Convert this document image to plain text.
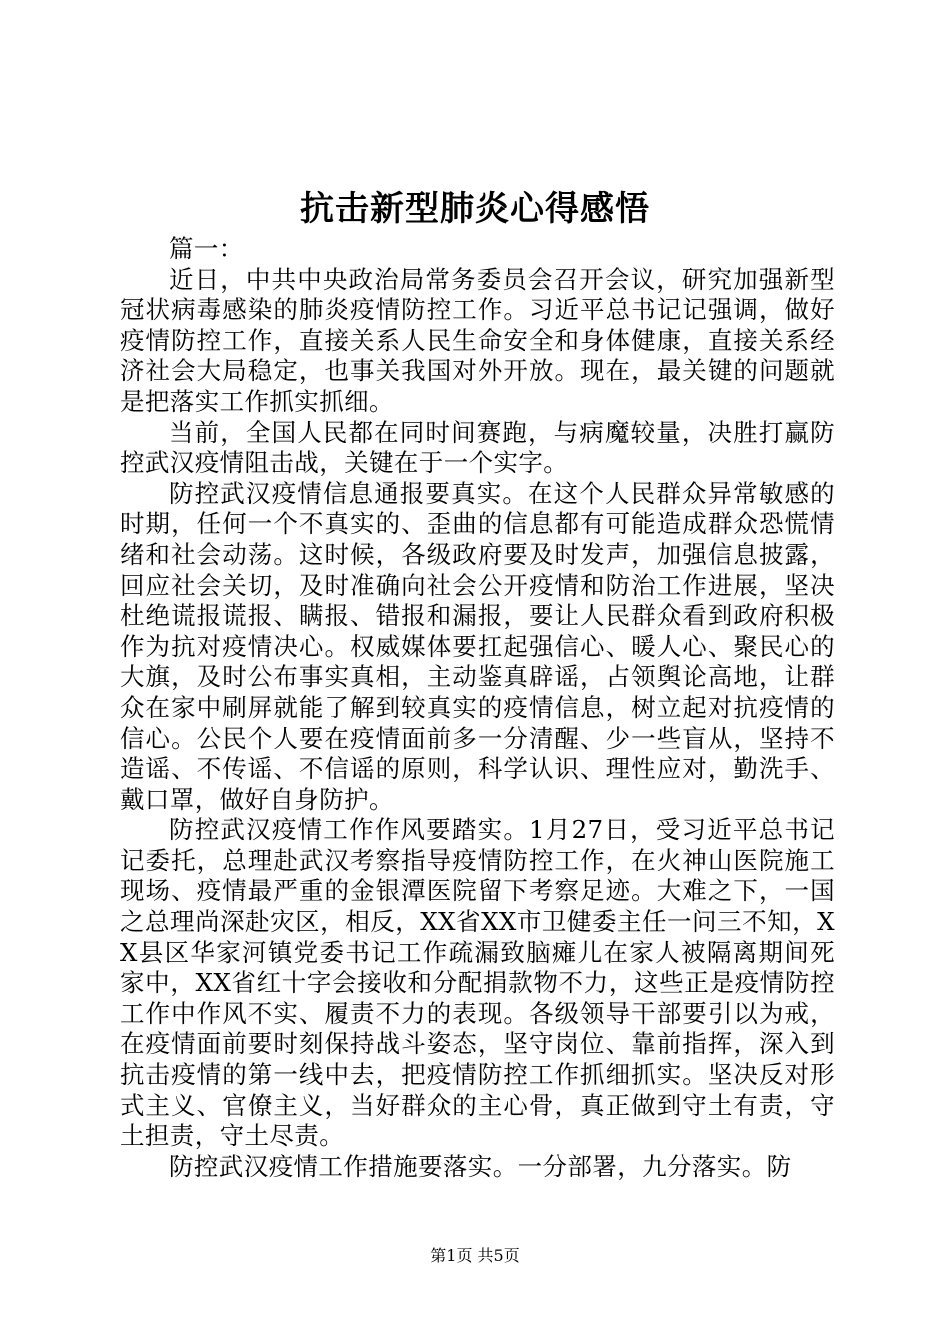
抗击新型肺炎心得感悟

篇一：

近日，中共中央政治局常务委员会召开会议，研究加强新型冠状病毒感染的肺炎疫情防控工作。习近平总书记记强调，做好疫情防控工作，直接关系人民生命安全和身体健康，直接关系经济社会大局稳定，也事关我国对外开放。现在，最关键的问题就是把落实工作抓实抓细。

当前，全国人民都在同时间赛跑，与病魔较量，决胜打赢防控武汉疫情阻击战，关键在于一个实字。

防控武汉疫情信息通报要真实。在这个人民群众异常敏感的时期，任何一个不真实的、歪曲的信息都有可能造成群众恐慌情绪和社会动荡。这时候，各级政府要及时发声，加强信息披露，回应社会关切，及时准确向社会公开疫情和防治工作进展，坚决杜绝谎报谎报、瞒报、错报和漏报，要让人民群众看到政府积极作为抗对疫情决心。权威媒体要扛起强信心、暖人心、聚民心的大旗，及时公布事实真相，主动鉴真辟谣，占领舆论高地，让群众在家中刷屏就能了解到较真实的疫情信息，树立起对抗疫情的信心。公民个人要在疫情面前多一分清醒、少一些盲从，坚持不造谣、不传谣、不信谣的原则，科学认识、理性应对，勤洗手、戴口罩，做好自身防护。

防控武汉疫情工作作风要踏实。1月27日，受习近平总书记记委托，总理赴武汉考察指导疫情防控工作，在火神山医院施工现场、疫情最严重的金银潭医院留下考察足迹。大难之下，一国之总理尚深赴灾区，相反，XX省XX市卫健委主任一问三不知，XX县区华家河镇党委书记工作疏漏致脑瘫儿在家人被隔离期间死家中，XX省红十字会接收和分配捐款物不力，这些正是疫情防控工作中作风不实、履责不力的表现。各级领导干部要引以为戒，在疫情面前要时刻保持战斗姿态，坚守岗位、靠前指挥，深入到抗击疫情的第一线中去，把疫情防控工作抓细抓实。坚决反对形式主义、官僚主义，当好群众的主心骨，真正做到守土有责，守土担责，守土尽责。

防控武汉疫情工作措施要落实。一分部署，九分落实。防

第1页 共5页
